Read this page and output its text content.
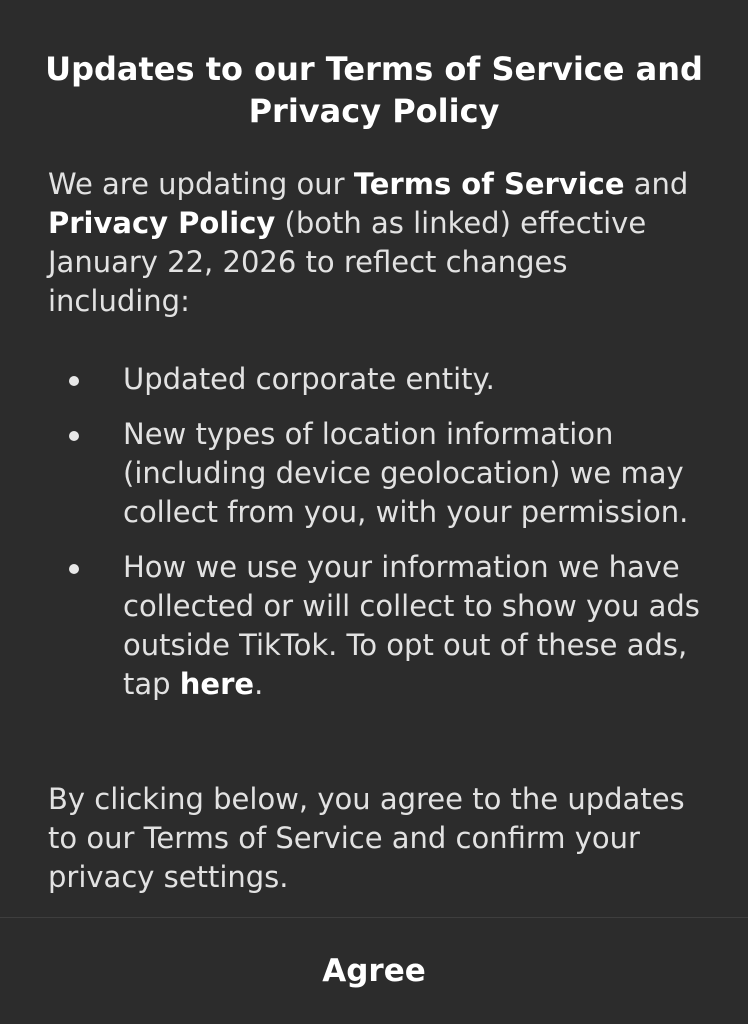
Updates to our Terms of Service and Privacy Policy

We are updating our Terms of Service and Privacy Policy (both as linked) effective January 22, 2026 to reflect changes including:

Updated corporate entity.
New types of location information (including device geolocation) we may collect from you, with your permission.
How we use your information we have collected or will collect to show you ads outside TikTok. To opt out of these ads, tap here.

By clicking below, you agree to the updates to our Terms of Service and confirm your privacy settings.

Agree
